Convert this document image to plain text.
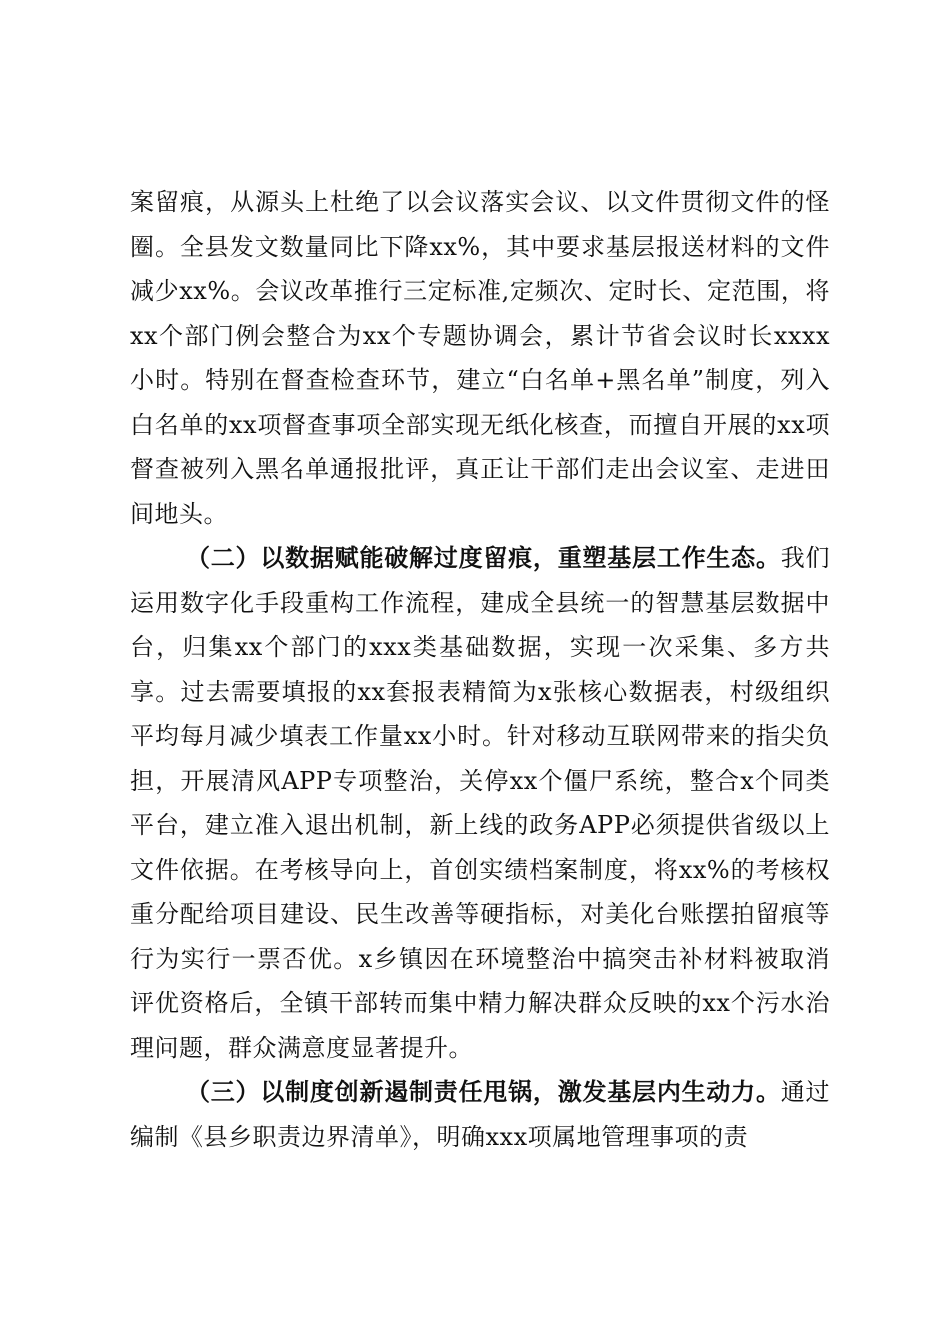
案留痕，从源头上杜绝了以会议落实会议、以文件贯彻文件的怪圈。全县发文数量同比下降xx%，其中要求基层报送材料的文件减少xx%。会议改革推行三定标准,定频次、定时长、定范围，将xx个部门例会整合为xx个专题协调会，累计节省会议时长xxxx小时。特别在督查检查环节，建立“白名单+黑名单”制度，列入白名单的xx项督查事项全部实现无纸化核查，而擅自开展的xx项督查被列入黑名单通报批评，真正让干部们走出会议室、走进田间地头。

（二）以数据赋能破解过度留痕，重塑基层工作生态。我们运用数字化手段重构工作流程，建成全县统一的智慧基层数据中台，归集xx个部门的xxx类基础数据，实现一次采集、多方共享。过去需要填报的xx套报表精简为x张核心数据表，村级组织平均每月减少填表工作量xx小时。针对移动互联网带来的指尖负担，开展清风APP专项整治，关停xx个僵尸系统，整合x个同类平台，建立准入退出机制，新上线的政务APP必须提供省级以上文件依据。在考核导向上，首创实绩档案制度，将xx%的考核权重分配给项目建设、民生改善等硬指标，对美化台账摆拍留痕等行为实行一票否优。x乡镇因在环境整治中搞突击补材料被取消评优资格后，全镇干部转而集中精力解决群众反映的xx个污水治理问题，群众满意度显著提升。

（三）以制度创新遏制责任甩锅，激发基层内生动力。通过编制《县乡职责边界清单》，明确xxx项属地管理事项的责
